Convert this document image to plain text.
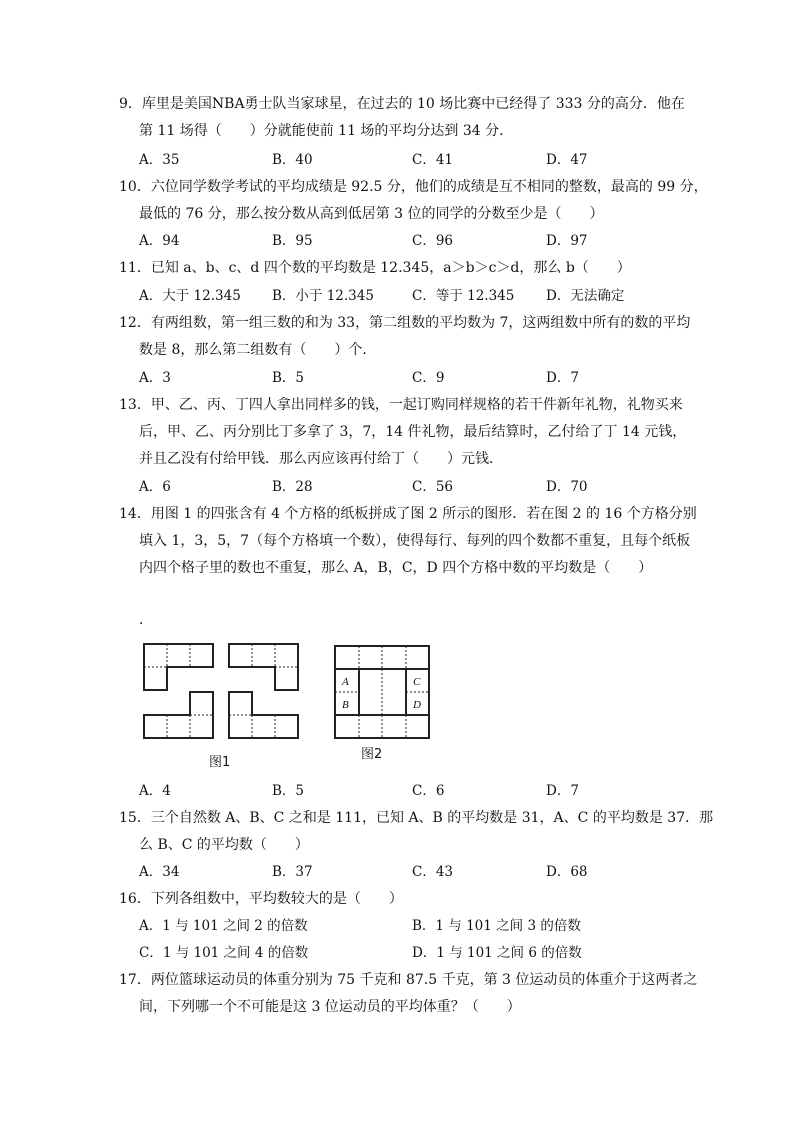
9．库里是美国NBA勇士队当家球星，在过去的 10 场比赛中已经得了 333 分的高分．他在
第 11 场得（　　）分就能使前 11 场的平均分达到 34 分．
A．35	B．40	C．41	D．47
10．六位同学数学考试的平均成绩是 92.5 分，他们的成绩是互不相同的整数，最高的 99 分，
最低的 76 分，那么按分数从高到低居第 3 位的同学的分数至少是（　　）
A．94	B．95	C．96	D．97
11．已知 a、b、c、d 四个数的平均数是 12.345，a＞b＞c＞d，那么 b（　　）
A．大于 12.345 B．小于 12.345	C．等于 12.345 D．无法确定
12．有两组数，第一组三数的和为 33，第二组数的平均数为 7，这两组数中所有的数的平均
数是 8，那么第二组数有（　　）个．
A．3	B．5	C．9	D．7
13．甲、乙、丙、丁四人拿出同样多的钱，一起订购同样规格的若干件新年礼物，礼物买来
后，甲、乙、丙分别比丁多拿了 3，7，14 件礼物，最后结算时，乙付给了丁 14 元钱，
并且乙没有付给甲钱．那么丙应该再付给丁（　　）元钱．
A．6	B．28	C．56	D．70
14．用图 1 的四张含有 4 个方格的纸板拼成了图 2 所示的图形．若在图 2 的 16 个方格分别
填入 1，3，5，7（每个方格填一个数），使得每行、每列的四个数都不重复，且每个纸板
内四个格子里的数也不重复，那么 A，B，C，D 四个方格中数的平均数是（　　）
.
图1
A
B
C
D
图2
A．4	B．5	C．6	D．7
15．三个自然数 A、B、C 之和是 111，已知 A、B 的平均数是 31，A、C 的平均数是 37．那
么 B、C 的平均数（　　）
A．34	B．37	C．43	D．68
16．下列各组数中，平均数较大的是（　　）
A．1 与 101 之间 2 的倍数	B．1 与 101 之间 3 的倍数
C．1 与 101 之间 4 的倍数	D．1 与 101 之间 6 的倍数
17．两位篮球运动员的体重分别为 75 千克和 87.5 千克，第 3 位运动员的体重介于这两者之
间，下列哪一个不可能是这 3 位运动员的平均体重？（　　）
